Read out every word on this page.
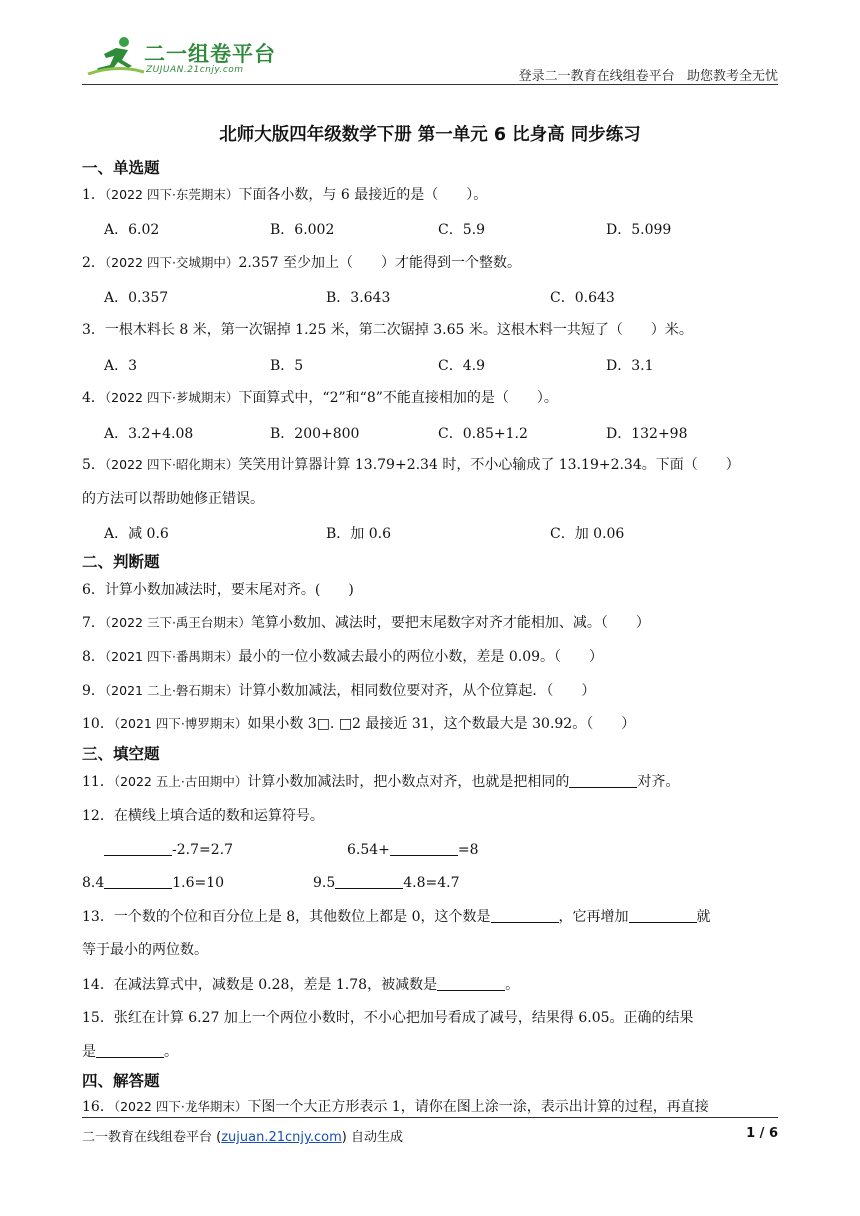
二一组卷平台
ZUJUAN.21cnjy.com	登录二一教育在线组卷平台   助您教考全无忧
北师大版四年级数学下册 第一单元 6 比身高 同步练习
一、单选题
1．（2022 四下·东莞期末）下面各小数，与 6 最接近的是（　　）。
A．6.02	B．6.002	C．5.9	D．5.099
2．（2022 四下·交城期中）2.357 至少加上（　　）才能得到一个整数。
A．0.357	B．3.643	C．0.643
3．一根木料长 8 米，第一次锯掉 1.25 米，第二次锯掉 3.65 米。这根木料一共短了（　　）米。
A．3	B．5	C．4.9	D．3.1
4．（2022 四下·芗城期末）下面算式中，“2”和“8”不能直接相加的是（　　）。
A．3.2+4.08	B．200+800	C．0.85+1.2	D．132+98
5．（2022 四下·昭化期末）笑笑用计算器计算 13.79+2.34 时，不小心输成了 13.19+2.34。下面（　　）
的方法可以帮助她修正错误。
A．减 0.6	B．加 0.6	C．加 0.06
二、判断题
6．计算小数加减法时，要末尾对齐。(　　)
7．（2022 三下·禹王台期末）笔算小数加、减法时，要把末尾数字对齐才能相加、减。（　　）
8．（2021 四下·番禺期末）最小的一位小数减去最小的两位小数，差是 0.09。（　　）
9．（2021 二上·磐石期末）计算小数加减法，相同数位要对齐，从个位算起．（　　）
10．（2021 四下·博罗期末）如果小数 3□. □2 最接近 31，这个数最大是 30.92。（　　）
三、填空题
11．（2022 五上·古田期中）计算小数加减法时，把小数点对齐，也就是把相同的	对齐。
12．在横线上填合适的数和运算符号。
-2.7=2.7	6.54+	=8
8.4	1.6=10	9.5	4.8=4.7
13．一个数的个位和百分位上是 8，其他数位上都是 0，这个数是	，它再增加	就
等于最小的两位数。
14．在减法算式中，减数是 0.28，差是 1.78，被减数是	。
15．张红在计算 6.27 加上一个两位小数时，不小心把加号看成了减号，结果得 6.05。正确的结果
是	。
四、解答题
16．（2022 四下·龙华期末）下图一个大正方形表示 1，请你在图上涂一涂，表示出计算的过程，再直接
二一教育在线组卷平台 (zujuan.21cnjy.com) 自动生成	1 / 6
